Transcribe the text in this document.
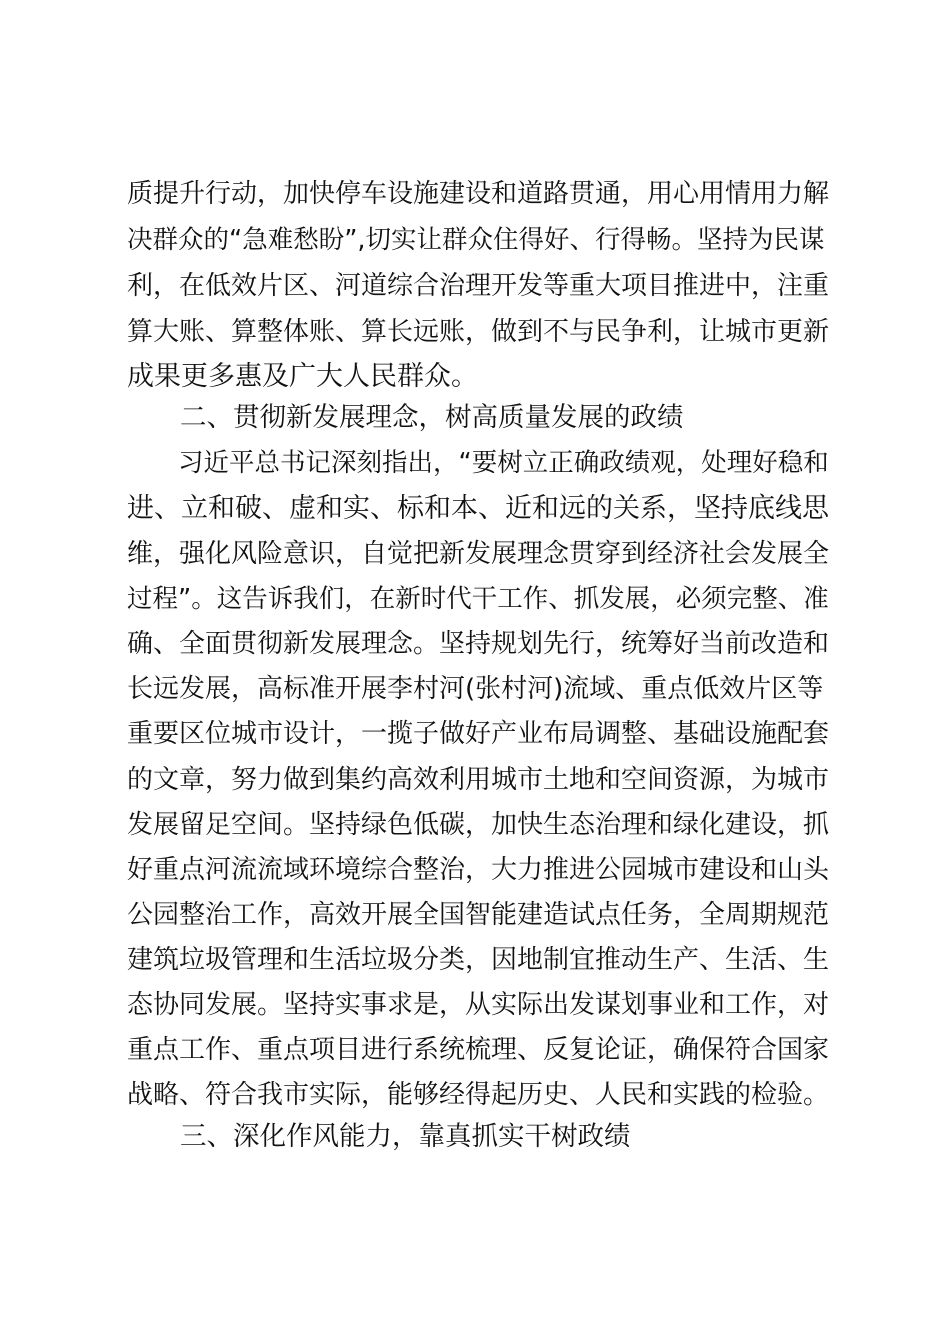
质提升行动，加快停车设施建设和道路贯通，用心用情用力解
决群众的“急难愁盼”,切实让群众住得好、行得畅。坚持为民谋
利，在低效片区、河道综合治理开发等重大项目推进中，注重
算大账、算整体账、算长远账，做到不与民争利，让城市更新
成果更多惠及广大人民群众。
　　二、贯彻新发展理念，树高质量发展的政绩
　　习近平总书记深刻指出，“要树立正确政绩观，处理好稳和
进、立和破、虚和实、标和本、近和远的关系，坚持底线思
维，强化风险意识，自觉把新发展理念贯穿到经济社会发展全
过程”。这告诉我们，在新时代干工作、抓发展，必须完整、准
确、全面贯彻新发展理念。坚持规划先行，统筹好当前改造和
长远发展，高标准开展李村河(张村河)流域、重点低效片区等
重要区位城市设计，一揽子做好产业布局调整、基础设施配套
的文章，努力做到集约高效利用城市土地和空间资源，为城市
发展留足空间。坚持绿色低碳，加快生态治理和绿化建设，抓
好重点河流流域环境综合整治，大力推进公园城市建设和山头
公园整治工作，高效开展全国智能建造试点任务，全周期规范
建筑垃圾管理和生活垃圾分类，因地制宜推动生产、生活、生
态协同发展。坚持实事求是，从实际出发谋划事业和工作，对
重点工作、重点项目进行系统梳理、反复论证，确保符合国家
战略、符合我市实际，能够经得起历史、人民和实践的检验。
　　三、深化作风能力，靠真抓实干树政绩
